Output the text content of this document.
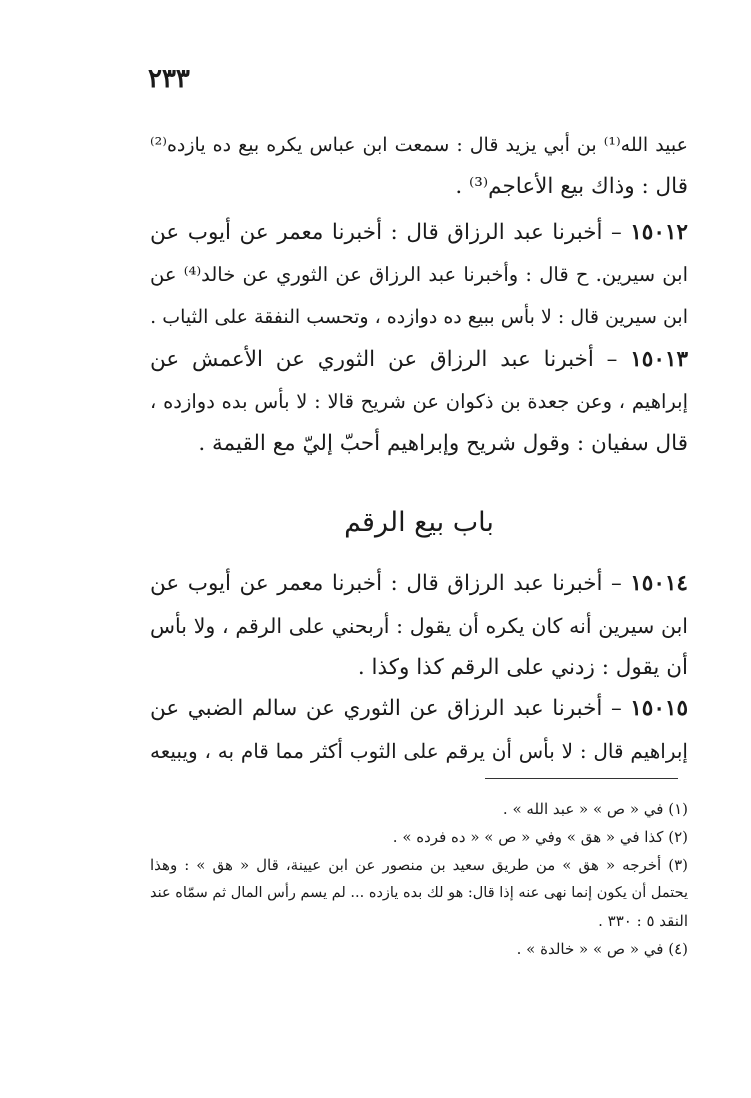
٢٣٣
عبيد الله⁽¹⁾ بن أبي يزيد قال : سمعت ابن عباس يكره بيع ده يازده⁽²⁾
قال : وذاك بيع الأعاجم⁽³⁾ .
١٥٠١٢ – أخبرنا عبد الرزاق قال : أخبرنا معمر عن أيوب عن
ابن سيرين. ح قال : وأخبرنا عبد الرزاق عن الثوري عن خالد⁽⁴⁾ عن
ابن سيرين قال : لا بأس ببيع ده دوازده ، وتحسب النفقة على الثياب .
١٥٠١٣ – أخبرنا عبد الرزاق عن الثوري عن الأعمش عن
إبراهيم ، وعن جعدة بن ذكوان عن شريح قالا : لا بأس بده دوازده ،
قال سفيان : وقول شريح وإبراهيم أحبّ إليّ مع القيمة .
باب بيع الرقم
١٥٠١٤ – أخبرنا عبد الرزاق قال : أخبرنا معمر عن أيوب عن
ابن سيرين أنه كان يكره أن يقول : أربحني على الرقم ، ولا بأس
أن يقول : زدني على الرقم كذا وكذا .
١٥٠١٥ – أخبرنا عبد الرزاق عن الثوري عن سالم الضبي عن
إبراهيم قال : لا بأس أن يرقم على الثوب أكثر مما قام به ، ويبيعه
(١) في « ص » « عبد الله » .
(٢) كذا في « هق » وفي « ص » « ده فرده » .
(٣) أخرجه « هق » من طريق سعيد بن منصور عن ابن عيينة، قال « هق » : وهذا
يحتمل أن يكون إنما نهى عنه إذا قال: هو لك بده يازده ... لم يسم رأس المال ثم سمّاه عند
النقد ٥ : ٣٣٠ .
(٤) في « ص » « خالدة » .
